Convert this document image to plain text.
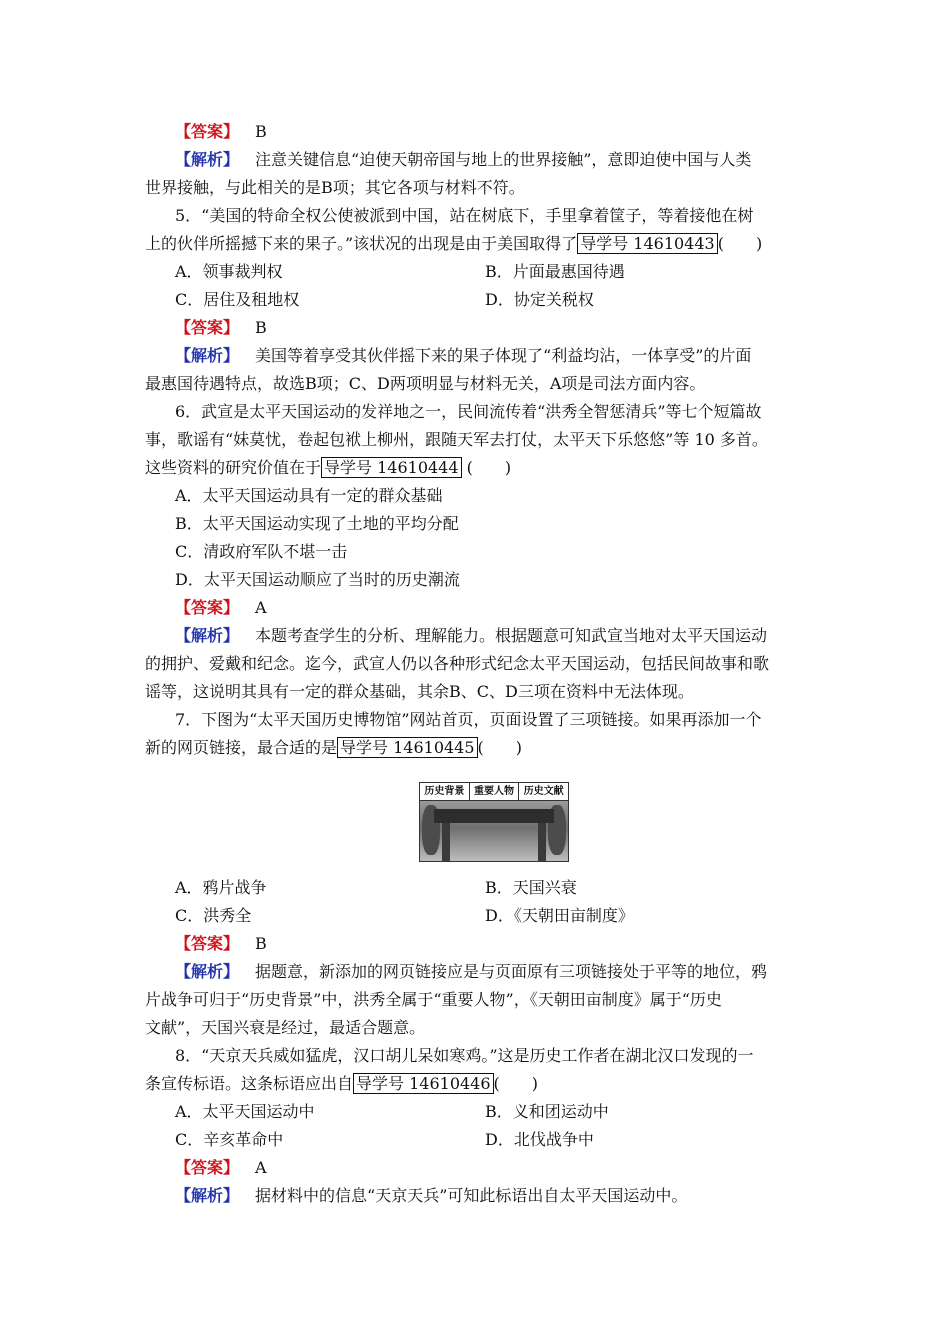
【答案】  B
【解析】  注意关键信息“迫使天朝帝国与地上的世界接触”，意即迫使中国与人类
世界接触，与此相关的是B项；其它各项与材料不符。
5．“美国的特命全权公使被派到中国，站在树底下，手里拿着筐子，等着接他在树
上的伙伴所摇撼下来的果子。”该状况的出现是由于美国取得了 导学号 14610443 (　　)
A．领事裁判权	B．片面最惠国待遇
C．居住及租地权	D．协定关税权
【答案】  B
【解析】  美国等着享受其伙伴摇下来的果子体现了“利益均沾，一体享受”的片面
最惠国待遇特点，故选B项；C、D两项明显与材料无关，A项是司法方面内容。
6．武宣是太平天国运动的发祥地之一，民间流传着“洪秀全智惩清兵”等七个短篇故
事，歌谣有“妹莫忧，卷起包袱上柳州，跟随天军去打仗，太平天下乐悠悠”等 10 多首。
这些资料的研究价值在于 导学号 14610444 (　　)
A．太平天国运动具有一定的群众基础
B．太平天国运动实现了土地的平均分配
C．清政府军队不堪一击
D．太平天国运动顺应了当时的历史潮流
【答案】  A
【解析】  本题考查学生的分析、理解能力。根据题意可知武宣当地对太平天国运动
的拥护、爱戴和纪念。迄今，武宣人仍以各种形式纪念太平天国运动，包括民间故事和歌
谣等，这说明其具有一定的群众基础，其余B、C、D三项在资料中无法体现。
7．下图为“太平天国历史博物馆”网站首页，页面设置了三项链接。如果再添加一个
新的网页链接，最合适的是 导学号 14610445 (　　)
历史背景 重要人物 历史文献
A．鸦片战争	B．天国兴衰
C．洪秀全	D．《天朝田亩制度》
【答案】  B
【解析】  据题意，新添加的网页链接应是与页面原有三项链接处于平等的地位，鸦
片战争可归于“历史背景”中，洪秀全属于“重要人物”，《天朝田亩制度》属于“历史
文献”，天国兴衰是经过，最适合题意。
8．“天京天兵威如猛虎，汉口胡儿呆如寒鸡。”这是历史工作者在湖北汉口发现的一
条宣传标语。这条标语应出自 导学号 14610446 (　　)
A．太平天国运动中	B．义和团运动中
C．辛亥革命中	D．北伐战争中
【答案】  A
【解析】  据材料中的信息“天京天兵”可知此标语出自太平天国运动中。
